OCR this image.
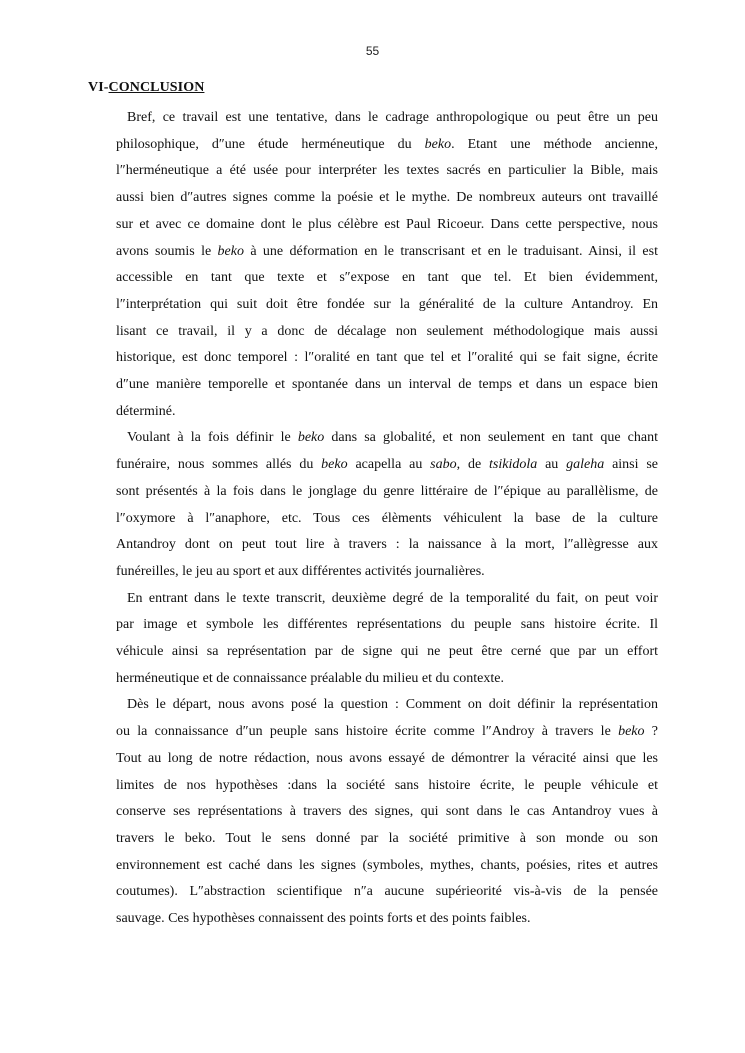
55
VI-CONCLUSION
Bref, ce travail est une tentative, dans le cadrage anthropologique ou peut être un peu
philosophique, d″une étude herméneutique du beko. Etant une méthode ancienne,
l″herméneutique a été usée pour interpréter les textes sacrés en particulier la Bible, mais
aussi bien d″autres signes comme la poésie et le mythe. De nombreux auteurs ont travaillé
sur et avec ce domaine dont le plus célèbre est Paul Ricoeur. Dans cette perspective, nous
avons soumis le beko à une déformation en le transcrisant et en le traduisant. Ainsi, il est
accessible en tant que texte et s″expose en tant que tel. Et bien évidemment,
l″interprétation qui suit doit être fondée sur la généralité de la culture Antandroy. En
lisant ce travail, il y a donc de décalage non seulement méthodologique mais aussi
historique, est donc temporel : l″oralité en tant que tel et l″oralité qui se fait signe, écrite
d″une manière temporelle et spontanée dans un interval de temps et dans un espace bien
déterminé.
Voulant à la fois définir le beko dans sa globalité, et non seulement en tant que chant
funéraire, nous sommes allés du beko acapella au sabo, de tsikidola au galeha ainsi se
sont présentés à la fois dans le jonglage du genre littéraire de l″épique au parallèlisme, de
l″oxymore à l″anaphore, etc. Tous ces élèments véhiculent la base de la culture
Antandroy dont on peut tout lire à travers : la naissance à la mort, l″allègresse aux
funéreilles, le jeu au sport et aux différentes activités journalières.
En entrant dans le texte transcrit, deuxième degré de la temporalité du fait, on peut voir
par image et symbole les différentes représentations du peuple sans histoire écrite. Il
véhicule ainsi sa représentation par de signe qui ne peut être cerné que par un effort
herméneutique et de connaissance préalable du milieu et du contexte.
Dès le départ, nous avons posé la question : Comment on doit définir la représentation
ou la connaissance d″un peuple sans histoire écrite comme l″Androy à travers le beko ?
Tout au long de notre rédaction, nous avons essayé de démontrer la véracité ainsi que les
limites de nos hypothèses :dans la société sans histoire écrite, le peuple véhicule et
conserve ses représentations à travers des signes, qui sont dans le cas Antandroy vues à
travers le beko. Tout le sens donné par la société primitive à son monde ou son
environnement est caché dans les signes (symboles, mythes, chants, poésies, rites et autres
coutumes). L″abstraction scientifique n″a aucune supérieorité vis-à-vis de la pensée
sauvage. Ces hypothèses connaissent des points forts et des points faibles.
